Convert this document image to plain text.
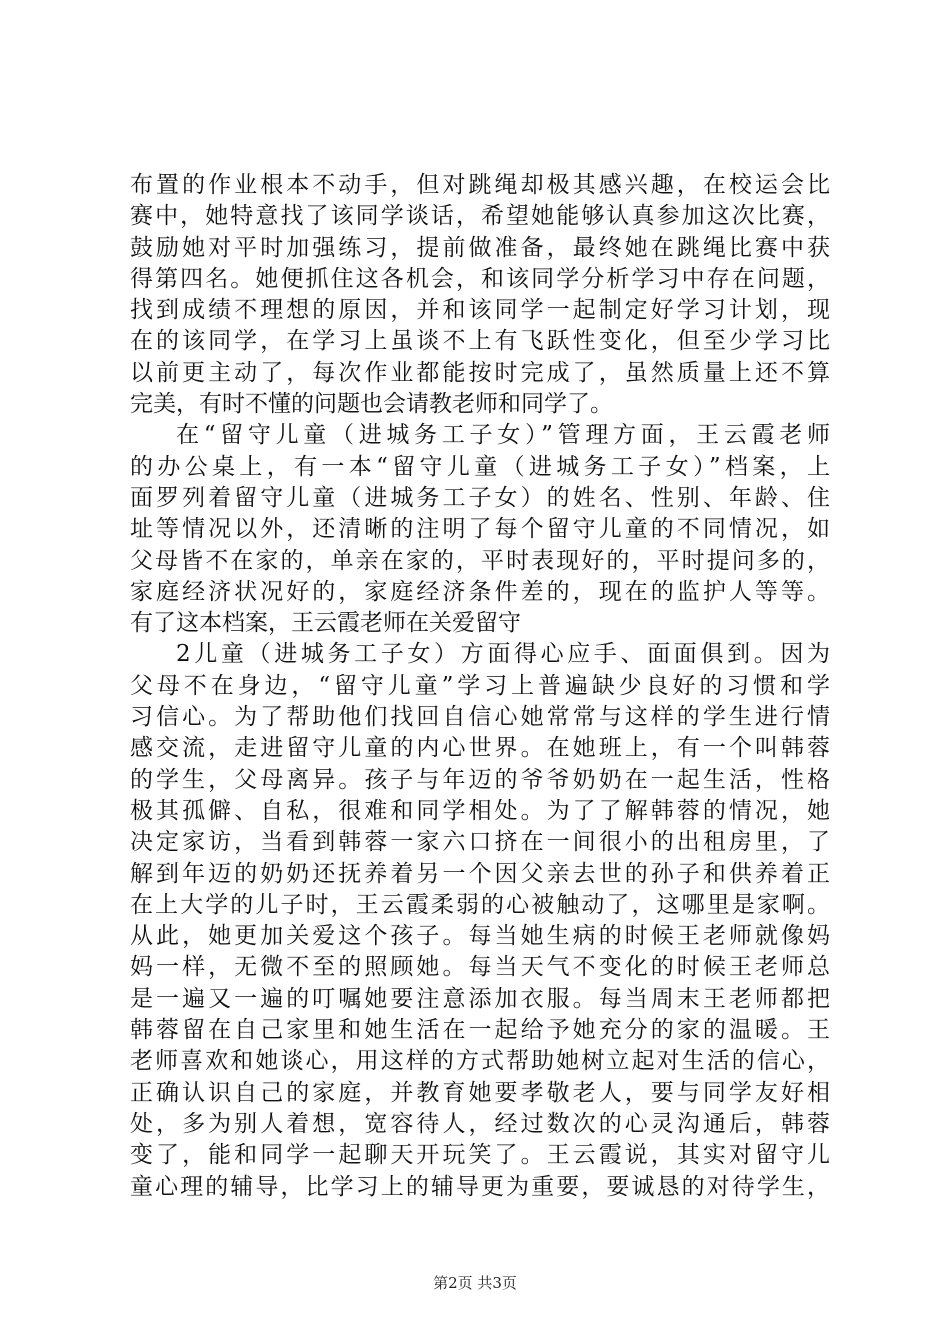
布置的作业根本不动手，但对跳绳却极其感兴趣，在校运会比
赛中，她特意找了该同学谈话，希望她能够认真参加这次比赛，
鼓励她对平时加强练习，提前做准备，最终她在跳绳比赛中获
得第四名。她便抓住这各机会，和该同学分析学习中存在问题，
找到成绩不理想的原因，并和该同学一起制定好学习计划，现
在的该同学，在学习上虽谈不上有飞跃性变化，但至少学习比
以前更主动了，每次作业都能按时完成了，虽然质量上还不算
完美，有时不懂的问题也会请教老师和同学了。
在“留守儿童（进城务工子女）”管理方面，王云霞老师
的办公桌上，有一本“留守儿童（进城务工子女）”档案，上
面罗列着留守儿童（进城务工子女）的姓名、性别、年龄、住
址等情况以外，还清晰的注明了每个留守儿童的不同情况，如
父母皆不在家的，单亲在家的，平时表现好的，平时提问多的，
家庭经济状况好的，家庭经济条件差的，现在的监护人等等。
有了这本档案，王云霞老师在关爱留守
2儿童（进城务工子女）方面得心应手、面面俱到。因为
父母不在身边，“留守儿童”学习上普遍缺少良好的习惯和学
习信心。为了帮助他们找回自信心她常常与这样的学生进行情
感交流，走进留守儿童的内心世界。在她班上，有一个叫韩蓉
的学生，父母离异。孩子与年迈的爷爷奶奶在一起生活，性格
极其孤僻、自私，很难和同学相处。为了了解韩蓉的情况，她
决定家访，当看到韩蓉一家六口挤在一间很小的出租房里，了
解到年迈的奶奶还抚养着另一个因父亲去世的孙子和供养着正
在上大学的儿子时，王云霞柔弱的心被触动了，这哪里是家啊。
从此，她更加关爱这个孩子。每当她生病的时候王老师就像妈
妈一样，无微不至的照顾她。每当天气不变化的时候王老师总
是一遍又一遍的叮嘱她要注意添加衣服。每当周末王老师都把
韩蓉留在自己家里和她生活在一起给予她充分的家的温暖。王
老师喜欢和她谈心，用这样的方式帮助她树立起对生活的信心，
正确认识自己的家庭，并教育她要孝敬老人，要与同学友好相
处，多为别人着想，宽容待人，经过数次的心灵沟通后，韩蓉
变了，能和同学一起聊天开玩笑了。王云霞说，其实对留守儿
童心理的辅导，比学习上的辅导更为重要，要诚恳的对待学生，
第2页 共3页
